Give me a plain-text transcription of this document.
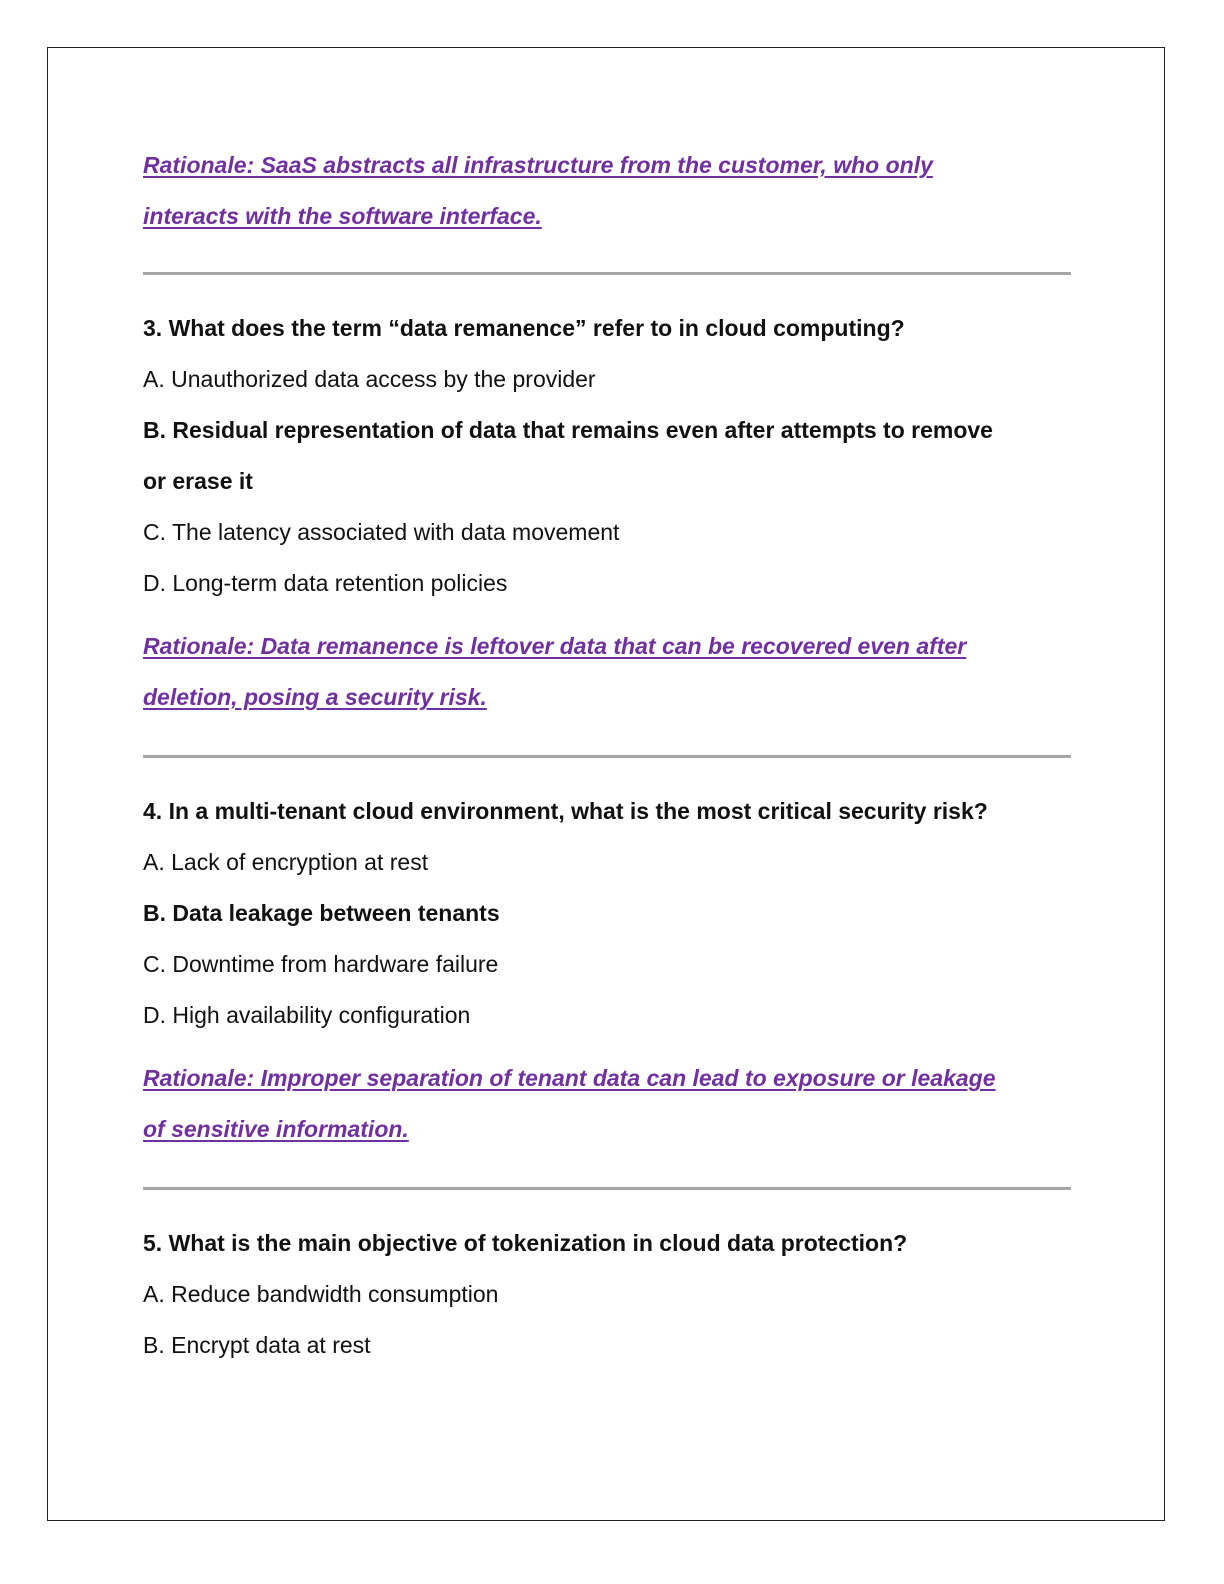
Rationale: SaaS abstracts all infrastructure from the customer, who only

interacts with the software interface.

3. What does the term “data remanence” refer to in cloud computing?

A. Unauthorized data access by the provider

B. Residual representation of data that remains even after attempts to remove

or erase it

C. The latency associated with data movement

D. Long-term data retention policies

Rationale: Data remanence is leftover data that can be recovered even after

deletion, posing a security risk.

4. In a multi-tenant cloud environment, what is the most critical security risk?

A. Lack of encryption at rest

B. Data leakage between tenants

C. Downtime from hardware failure

D. High availability configuration

Rationale: Improper separation of tenant data can lead to exposure or leakage

of sensitive information.

5. What is the main objective of tokenization in cloud data protection?

A. Reduce bandwidth consumption

B. Encrypt data at rest
